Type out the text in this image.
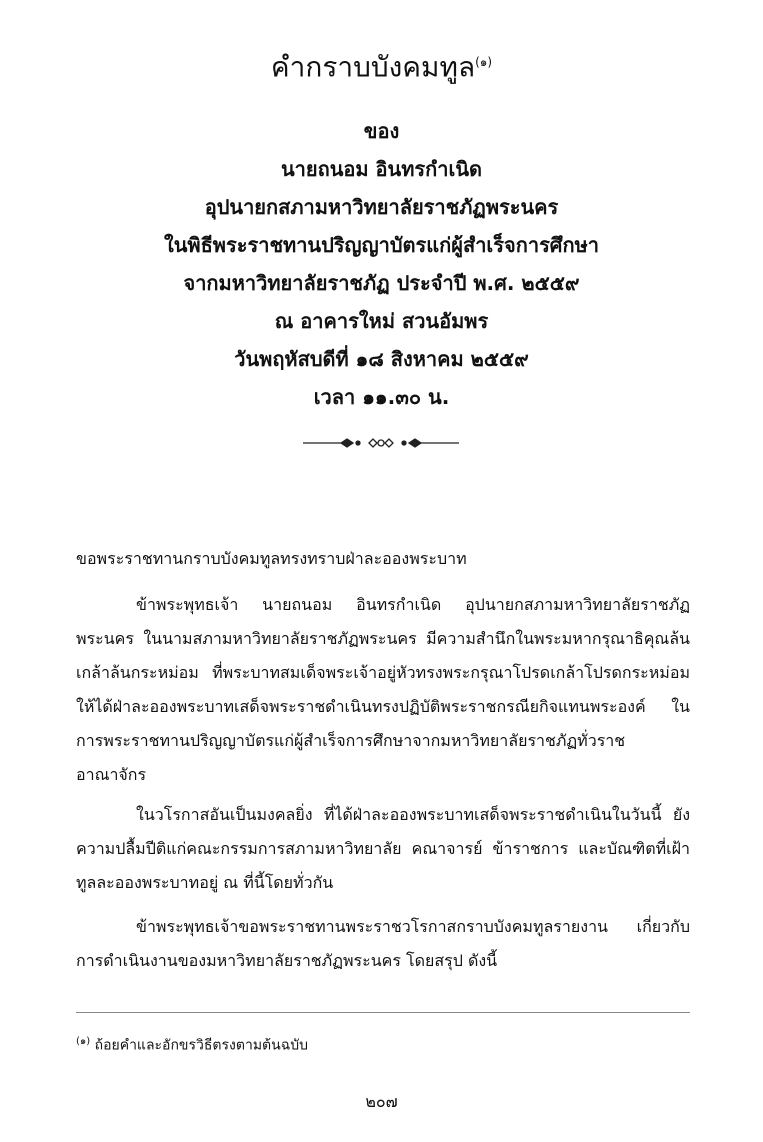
คำกราบบังคมทูล$^{(๑)}$
ของ
นายถนอม อินทรกำเนิด
อุปนายกสภามหาวิทยาลัยราชภัฏพระนคร
ในพิธีพระราชทานปริญญาบัตรแก่ผู้สำเร็จการศึกษา
จากมหาวิทยาลัยราชภัฏ ประจำปี พ.ศ. ๒๕๕๙
ณ อาคารใหม่ สวนอัมพร
วันพฤหัสบดีที่ ๑๘ สิงหาคม ๒๕๕๙
เวลา ๑๑.๓๐ น.
ขอพระราชทานกราบบังคมทูลทรงทราบฝ่าละอองพระบาท

ข้าพระพุทธเจ้า นายถนอม อินทรกำเนิด อุปนายกสภามหาวิทยาลัยราชภัฏพระนคร ในนามสภามหาวิทยาลัยราชภัฏพระนคร มีความสำนึกในพระมหากรุณาธิคุณล้นเกล้าล้นกระหม่อม ที่พระบาทสมเด็จพระเจ้าอยู่หัวทรงพระกรุณาโปรดเกล้าโปรดกระหม่อม ให้ได้ฝ่าละอองพระบาทเสด็จพระราชดำเนินทรงปฏิบัติพระราชกรณียกิจแทนพระองค์ ในการพระราชทานปริญญาบัตรแก่ผู้สำเร็จการศึกษาจากมหาวิทยาลัยราชภัฏทั่วราชอาณาจักร

ในวโรกาสอันเป็นมงคลยิ่ง ที่ได้ฝ่าละอองพระบาทเสด็จพระราชดำเนินในวันนี้ ยังความปลื้มปีติแก่คณะกรรมการสภามหาวิทยาลัย คณาจารย์ ข้าราชการ และบัณฑิตที่เฝ้าทูลละอองพระบาทอยู่ ณ ที่นี้โดยทั่วกัน

ข้าพระพุทธเจ้าขอพระราชทานพระราชวโรกาสกราบบังคมทูลรายงาน เกี่ยวกับการดำเนินงานของมหาวิทยาลัยราชภัฏพระนคร โดยสรุป ดังนี้

$^{(๑)}$ ถ้อยคำและอักขรวิธีตรงตามต้นฉบับ
๒๐๗
